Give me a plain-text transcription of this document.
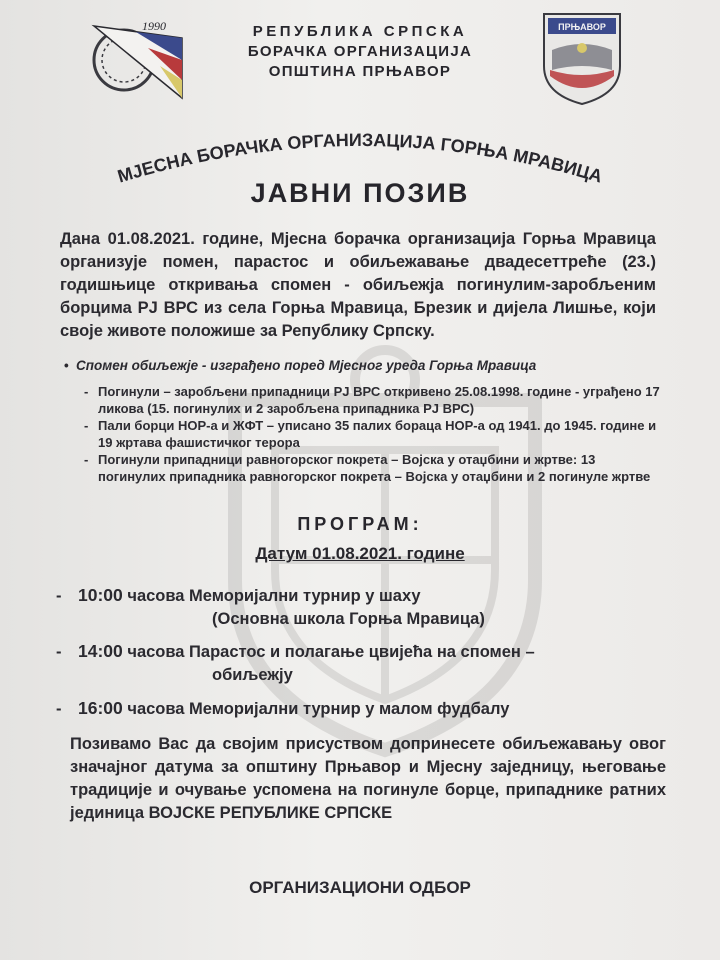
1990	ПРЊАВОР
РЕПУБЛИКА СРПСКА
БОРАЧКА ОРГАНИЗАЦИЈА
ОПШТИНА ПРЊАВОР
МЈЕСНА БОРАЧКА ОРГАНИЗАЦИЈА ГОРЊА МРАВИЦА
ЈАВНИ ПОЗИВ
Дана 01.08.2021. године, Мјесна борачка организација Горња Мравица организује помен, парастос и обиљежавање двадесеттреће (23.) годишњице откривања спомен - обиљежја погинулим-заробљеним борцима РЈ ВРС из села Горња Мравица, Брезик и дијела Лишње, који своје животе положише за Републику Српску.
• Спомен обиљежје - изграђено поред Мјесног уреда Горња Мравица
- Погинули – заробљени припадници РЈ ВРС откривено 25.08.1998. године - уграђено 17 ликова (15. погинулих и 2 заробљена припадника РЈ ВРС)
- Пали борци НОР-а и ЖФТ – уписано 35 палих бораца НОР-а од 1941. до 1945. године и 19 жртава фашистичког терора
- Погинули припадници равногорског покрета – Војска у отаџбини и жртве: 13 погинулих припадника равногорског покрета – Војска у отаџбини и 2 погинуле жртве
ПРОГРАМ:
Датум 01.08.2021. године
- 10:00 часова Меморијални турнир у шаху
(Основна школа Горња Мравица)
- 14:00 часова Парастос и полагање цвијећа на спомен –
обиљежју
- 16:00 часова Меморијални турнир у малом фудбалу
Позивамо Вас да својим присуством допринесете обиљежавању овог значајног датума за општину Прњавор и Мјесну заједницу, његовање традиције и очување успомена на погинуле борце, припаднике ратних јединица ВОЈСКЕ РЕПУБЛИКЕ СРПСКЕ
ОРГАНИЗАЦИОНИ ОДБОР
